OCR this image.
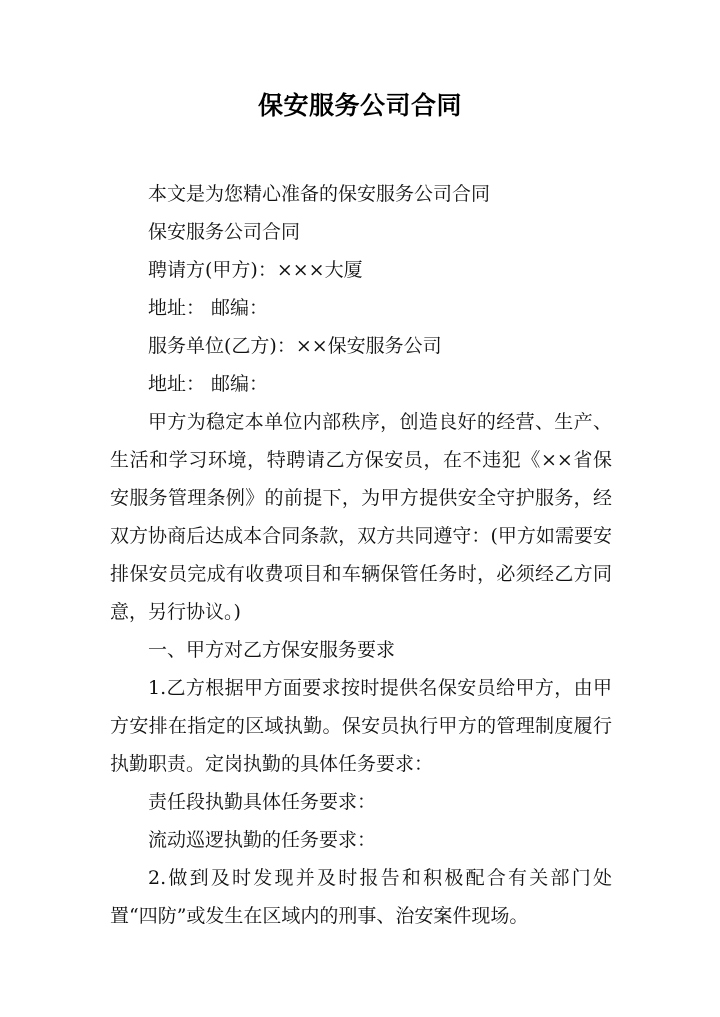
保安服务公司合同

本文是为您精心准备的保安服务公司合同

保安服务公司合同

聘请方(甲方)：×××大厦

地址： 邮编：

服务单位(乙方)：××保安服务公司

地址： 邮编：

甲方为稳定本单位内部秩序，创造良好的经营、生产、生活和学习环境，特聘请乙方保安员，在不违犯《××省保安服务管理条例》的前提下，为甲方提供安全守护服务，经双方协商后达成本合同条款，双方共同遵守：(甲方如需要安排保安员完成有收费项目和车辆保管任务时，必须经乙方同意，另行协议。)

一、甲方对乙方保安服务要求

1.乙方根据甲方面要求按时提供名保安员给甲方，由甲方安排在指定的区域执勤。保安员执行甲方的管理制度履行执勤职责。定岗执勤的具体任务要求：

责任段执勤具体任务要求：

流动巡逻执勤的任务要求：

2.做到及时发现并及时报告和积极配合有关部门处置“四防”或发生在区域内的刑事、治安案件现场。
